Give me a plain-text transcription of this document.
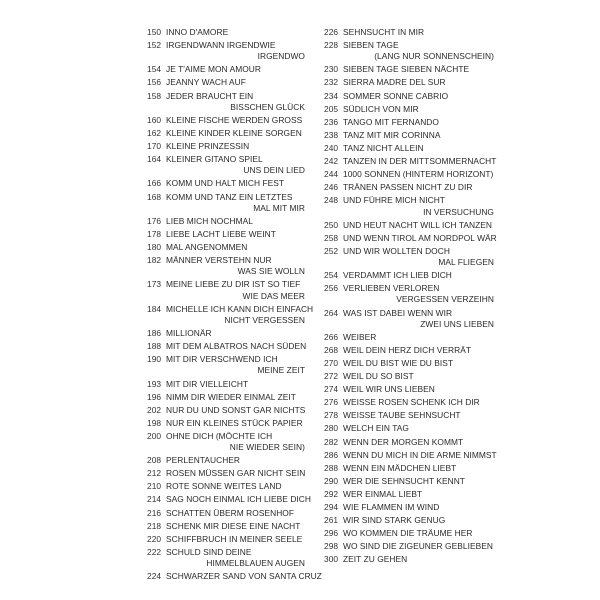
150 INNO D'AMORE
152 IRGENDWANN IRGENDWIE
IRGENDWO
154 JE T'AIME MON AMOUR
156 JEANNY WACH AUF
158 JEDER BRAUCHT EIN
BISSCHEN GLÜCK
160 KLEINE FISCHE WERDEN GROSS
162 KLEINE KINDER KLEINE SORGEN
170 KLEINE PRINZESSIN
164 KLEINER GITANO SPIEL
UNS DEIN LIED
166 KOMM UND HALT MICH FEST
168 KOMM UND TANZ EIN LETZTES
MAL MIT MIR
176 LIEB MICH NOCHMAL
178 LIEBE LACHT LIEBE WEINT
180 MAL ANGENOMMEN
182 MÄNNER VERSTEHN NUR
WAS SIE WOLLN
173 MEINE LIEBE ZU DIR IST SO TIEF
WIE DAS MEER
184 MICHELLE ICH KANN DICH EINFACH
NICHT VERGESSEN
186 MILLIONÄR
188 MIT DEM ALBATROS NACH SÜDEN
190 MIT DIR VERSCHWEND ICH
MEINE ZEIT
193 MIT DIR VIELLEICHT
196 NIMM DIR WIEDER EINMAL ZEIT
202 NUR DU UND SONST GAR NICHTS
198 NUR EIN KLEINES STÜCK PAPIER
200 OHNE DICH (MÖCHTE ICH
NIE WIEDER SEIN)
208 PERLENTAUCHER
212 ROSEN MÜSSEN GAR NICHT SEIN
210 ROTE SONNE WEITES LAND
214 SAG NOCH EINMAL ICH LIEBE DICH
216 SCHATTEN ÜBERM ROSENHOF
218 SCHENK MIR DIESE EINE NACHT
220 SCHIFFBRUCH IN MEINER SEELE
222 SCHULD SIND DEINE
HIMMELBLAUEN AUGEN
224 SCHWARZER SAND VON SANTA CRUZ
226 SEHNSUCHT IN MIR
228 SIEBEN TAGE
(LANG NUR SONNENSCHEIN)
230 SIEBEN TAGE SIEBEN NÄCHTE
232 SIERRA MADRE DEL SUR
234 SOMMER SONNE CABRIO
205 SÜDLICH VON MIR
236 TANGO MIT FERNANDO
238 TANZ MIT MIR CORINNA
240 TANZ NICHT ALLEIN
242 TANZEN IN DER MITTSOMMERNACHT
244 1000 SONNEN (HINTERM HORIZONT)
246 TRÄNEN PASSEN NICHT ZU DIR
248 UND FÜHRE MICH NICHT
IN VERSUCHUNG
250 UND HEUT NACHT WILL ICH TANZEN
258 UND WENN TIROL AM NORDPOL WÄR
252 UND WIR WOLLTEN DOCH
MAL FLIEGEN
254 VERDAMMT ICH LIEB DICH
256 VERLIEBEN VERLOREN
VERGESSEN VERZEIHN
264 WAS IST DABEI WENN WIR
ZWEI UNS LIEBEN
266 WEIBER
268 WEIL DEIN HERZ DICH VERRÄT
270 WEIL DU BIST WIE DU BIST
272 WEIL DU SO BIST
274 WEIL WIR UNS LIEBEN
276 WEISSE ROSEN SCHENK ICH DIR
278 WEISSE TAUBE SEHNSUCHT
280 WELCH EIN TAG
282 WENN DER MORGEN KOMMT
286 WENN DU MICH IN DIE ARME NIMMST
288 WENN EIN MÄDCHEN LIEBT
290 WER DIE SEHNSUCHT KENNT
292 WER EINMAL LIEBT
294 WIE FLAMMEN IM WIND
261 WIR SIND STARK GENUG
296 WO KOMMEN DIE TRÄUME HER
298 WO SIND DIE ZIGEUNER GEBLIEBEN
300 ZEIT ZU GEHEN
